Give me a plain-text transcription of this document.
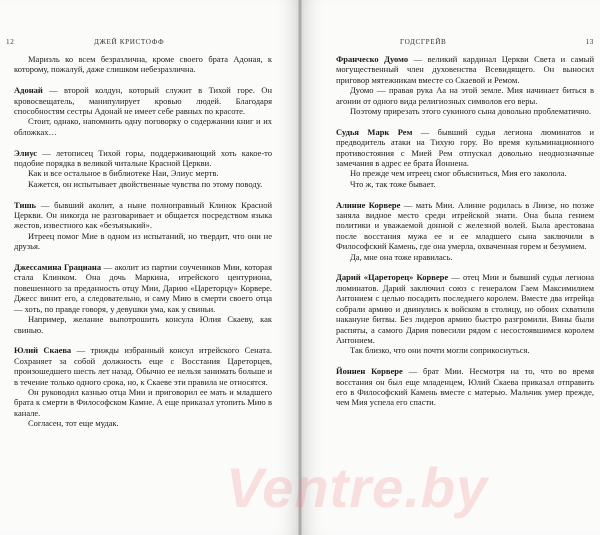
12	ДЖЕЙ КРИСТОФФ

Мариэль ко всем безразлична, кроме своего брата Адоная, к которому, пожалуй, даже слишком небезразлична.

Адонай — второй колдун, который служит в Тихой горе. Он кровосвещатель, манипулирует кровью людей. Благодаря способностям сестры Адонай не имеет себе равных по красоте.

Стоит, однако, напомнить одну поговорку о содержании книг и их обложках…

Элиус — летописец Тихой горы, поддерживающий хоть какое-то подобие порядка в великой читальне Красной Церкви.

Как и все остальное в библиотеке Наи, Элиус мертв.

Кажется, он испытывает двойственные чувства по этому поводу.

Тишь — бывший аколит, а ныне полноправный Клинок Красной Церкви. Он никогда не разговаривает и общается посредством языка жестов, известного как «безъязыкий».

Итреец помог Мие в одном из испытаний, но твердит, что они не друзья.

Джессамина Грациана — аколит из партии соучеников Мии, которая стала Клинком. Она дочь Маркина, итрейского центуриона, повешенного за преданность отцу Мии, Дарию «Цареторцу» Корвере. Джесс винит его, а следовательно, и саму Мию в смерти своего отца — хоть, по правде говоря, у девушки ума, как у свиньи.

Например, желание выпотрошить консула Юлия Скаеву, как свинью.

Юлий Скаева — трижды избранный консул итрейского Сената. Сохраняет за собой должность еще с Восстания Цареторцев, произошедшего шесть лет назад. Обычно ее нельзя занимать больше и в течение только одного срока, но, к Скаеве эти правила не относятся.

Он руководил казнью отца Мии и приговорил ее мать и младшего брата к смерти в Философском Камне. А еще приказал утопить Мию в канале.

Согласен, тот еще мудак.

ГОДСГРЕЙВ	13

Франческо Дуомо — великий кардинал Церкви Света и самый могущественный член духовенства Всевидящего. Он выносил приговор мятежникам вместе со Скаевой и Ремом.

Дуомо — правая рука Аа на этой земле. Мия начинает биться в агонии от одного вида религиозных символов его веры.

Поэтому прирезать этого сукиного сына довольно проблематично.

Судья Марк Рем — бывший судья легиона люминатов и предводитель атаки на Тихую гору. Во время кульминационного противостояния с Мией Рем отпускал довольно неоднозначные замечания в адрес ее брата Йоннена.

Но прежде чем итреец смог объясниться, Мия его заколола.

Что ж, так тоже бывает.

Алинне Корвере — мать Мии. Алинне родилась в Лиизе, но позже заняла видное место среди итрейской знати. Она была гением политики и уважаемой донной с железной волей. Была арестована после восстания мужа ее и ее младшего сына заключили в Философский Камень, где она умерла, охваченная горем и безумием.

Да, мне она тоже нравилась.

Дарий «Цареторец» Корвере — отец Мии и бывший судья легиона люминатов. Дарий заключил союз с генералом Гаем Максимилием Антонием с целью посадить последнего королем. Вместе два итрейца собрали армию и двинулись к войском в столицу, но обоих схватили накануне битвы. Без лидеров армию быстро разгромили. Вины были распяты, а самого Дария повесили рядом с несостоявшимся королем Антонием.

Так близко, что они почти могли соприкоснуться.

Йоннен Корвере — брат Мии. Несмотря на то, что во время восстания он был еще младенцем, Юлий Скаева приказал отправить его в Философский Камень вместе с матерью. Мальчик умер прежде, чем Мия успела его спасти.

Ventre.by
